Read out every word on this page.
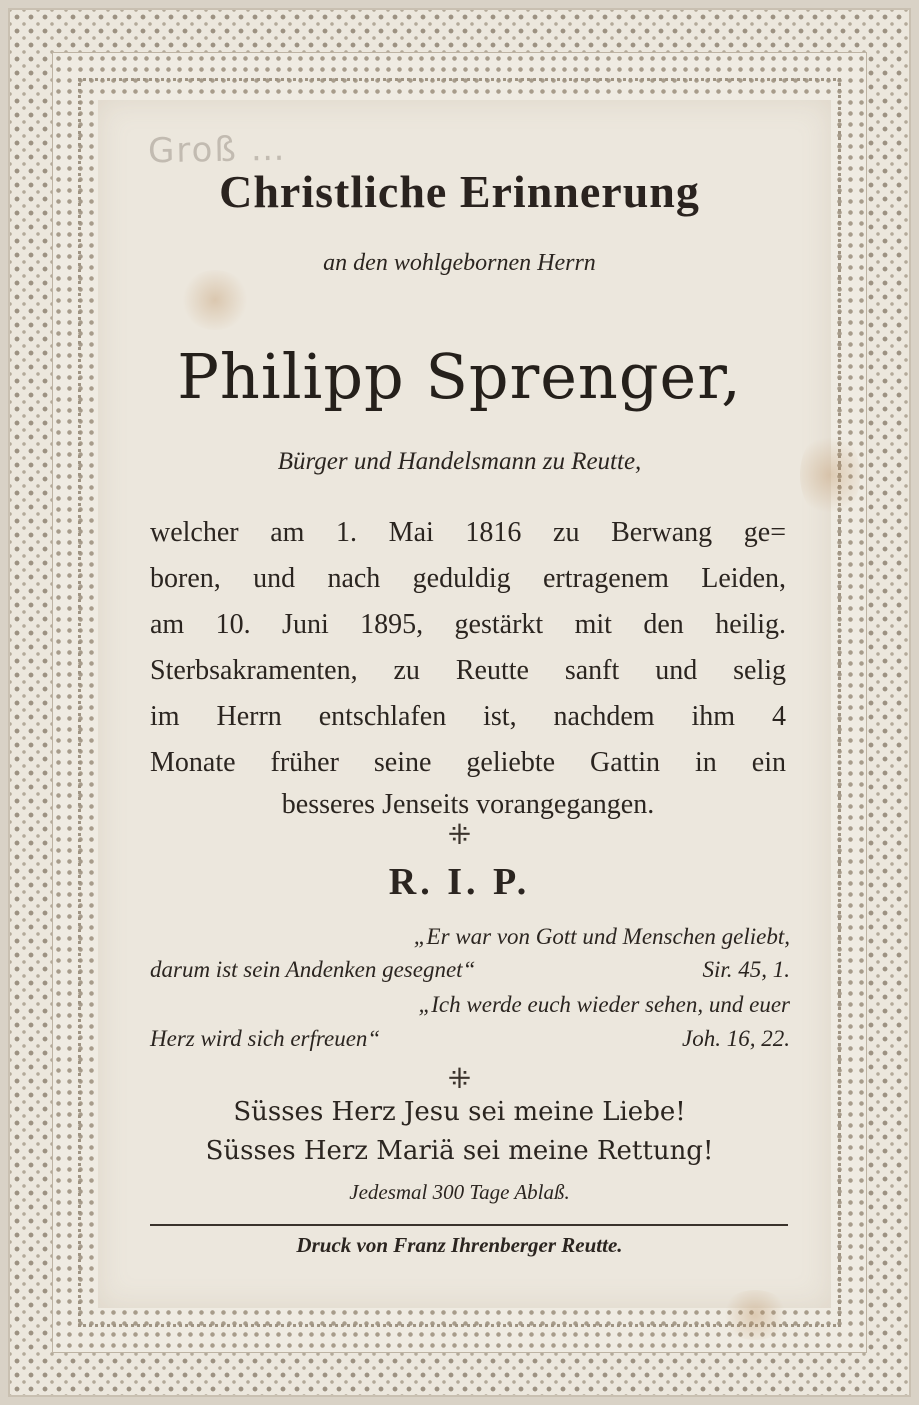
Groß …
Christliche Erinnerung
an den wohlgebornen Herrn
Philipp Sprenger,
Bürger und Handelsmann zu Reutte,
welcher am 1. Mai 1816 zu Berwang ge=
boren, und nach geduldig ertragenem Leiden,
am 10. Juni 1895, gestärkt mit den heilig.
Sterbsakramenten, zu Reutte sanft und selig
im Herrn entschlafen ist, nachdem ihm 4
Monate früher seine geliebte Gattin in ein
besseres Jenseits vorangegangen.
⁜
R. I. P.
„Er war von Gott und Menschen geliebt,
darum ist sein Andenken gesegnet“	Sir. 45, 1.
„Ich werde euch wieder sehen, und euer
Herz wird sich erfreuen“	Joh. 16, 22.
⁜
Süsses Herz Jesu sei meine Liebe!
Süsses Herz Mariä sei meine Rettung!
Jedesmal 300 Tage Ablaß.
Druck von Franz Ihrenberger Reutte.
